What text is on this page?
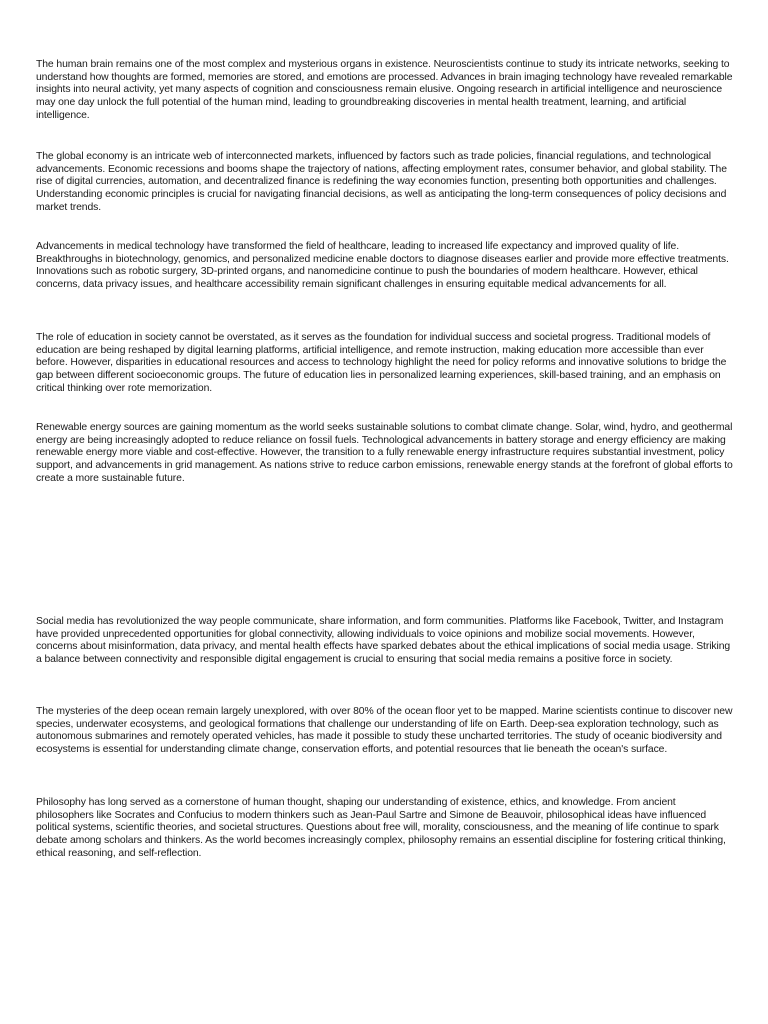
The human brain remains one of the most complex and mysterious organs in existence. Neuroscientists continue to study its intricate networks, seeking to understand how thoughts are formed, memories are stored, and emotions are processed. Advances in brain imaging technology have revealed remarkable insights into neural activity, yet many aspects of cognition and consciousness remain elusive. Ongoing research in artificial intelligence and neuroscience may one day unlock the full potential of the human mind, leading to groundbreaking discoveries in mental health treatment, learning, and artificial intelligence.

The global economy is an intricate web of interconnected markets, influenced by factors such as trade policies, financial regulations, and technological advancements. Economic recessions and booms shape the trajectory of nations, affecting employment rates, consumer behavior, and global stability. The rise of digital currencies, automation, and decentralized finance is redefining the way economies function, presenting both opportunities and challenges. Understanding economic principles is crucial for navigating financial decisions, as well as anticipating the long-term consequences of policy decisions and market trends.

Advancements in medical technology have transformed the field of healthcare, leading to increased life expectancy and improved quality of life. Breakthroughs in biotechnology, genomics, and personalized medicine enable doctors to diagnose diseases earlier and provide more effective treatments. Innovations such as robotic surgery, 3D-printed organs, and nanomedicine continue to push the boundaries of modern healthcare. However, ethical concerns, data privacy issues, and healthcare accessibility remain significant challenges in ensuring equitable medical advancements for all.

The role of education in society cannot be overstated, as it serves as the foundation for individual success and societal progress. Traditional models of education are being reshaped by digital learning platforms, artificial intelligence, and remote instruction, making education more accessible than ever before. However, disparities in educational resources and access to technology highlight the need for policy reforms and innovative solutions to bridge the gap between different socioeconomic groups. The future of education lies in personalized learning experiences, skill-based training, and an emphasis on critical thinking over rote memorization.

Renewable energy sources are gaining momentum as the world seeks sustainable solutions to combat climate change. Solar, wind, hydro, and geothermal energy are being increasingly adopted to reduce reliance on fossil fuels. Technological advancements in battery storage and energy efficiency are making renewable energy more viable and cost-effective. However, the transition to a fully renewable energy infrastructure requires substantial investment, policy support, and advancements in grid management. As nations strive to reduce carbon emissions, renewable energy stands at the forefront of global efforts to create a more sustainable future.

Social media has revolutionized the way people communicate, share information, and form communities. Platforms like Facebook, Twitter, and Instagram have provided unprecedented opportunities for global connectivity, allowing individuals to voice opinions and mobilize social movements. However, concerns about misinformation, data privacy, and mental health effects have sparked debates about the ethical implications of social media usage. Striking a balance between connectivity and responsible digital engagement is crucial to ensuring that social media remains a positive force in society.

The mysteries of the deep ocean remain largely unexplored, with over 80% of the ocean floor yet to be mapped. Marine scientists continue to discover new species, underwater ecosystems, and geological formations that challenge our understanding of life on Earth. Deep-sea exploration technology, such as autonomous submarines and remotely operated vehicles, has made it possible to study these uncharted territories. The study of oceanic biodiversity and ecosystems is essential for understanding climate change, conservation efforts, and potential resources that lie beneath the ocean's surface.

Philosophy has long served as a cornerstone of human thought, shaping our understanding of existence, ethics, and knowledge. From ancient philosophers like Socrates and Confucius to modern thinkers such as Jean-Paul Sartre and Simone de Beauvoir, philosophical ideas have influenced political systems, scientific theories, and societal structures. Questions about free will, morality, consciousness, and the meaning of life continue to spark debate among scholars and thinkers. As the world becomes increasingly complex, philosophy remains an essential discipline for fostering critical thinking, ethical reasoning, and self-reflection.
